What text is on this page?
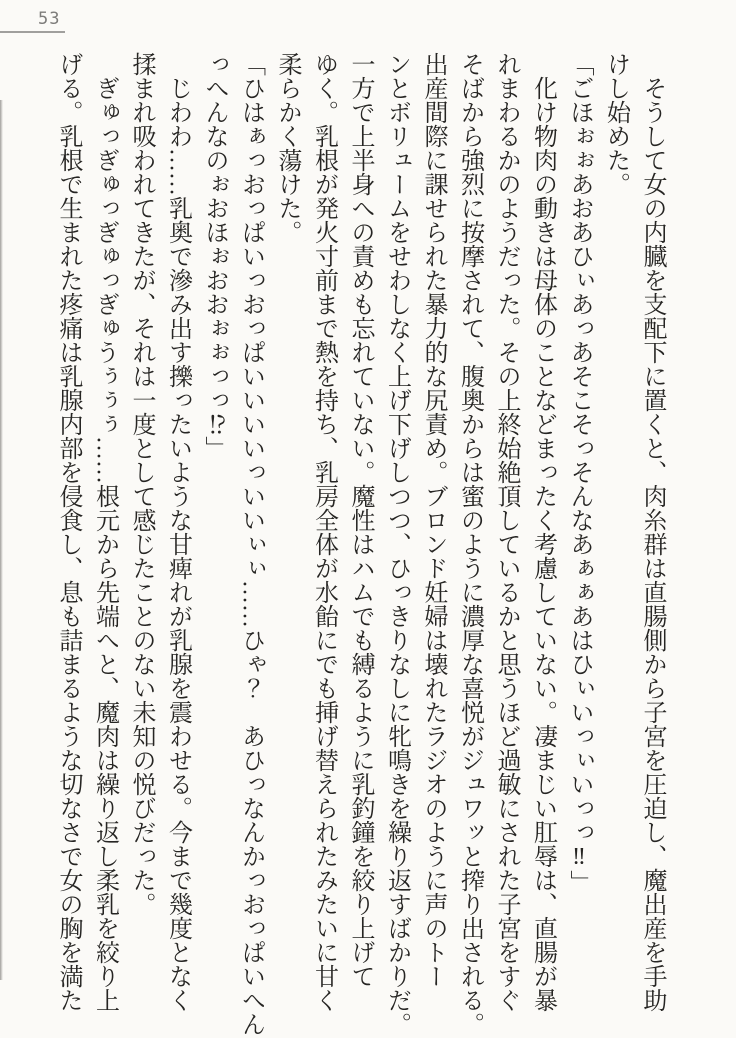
53
　そうして女の内臓を支配下に置くと、肉糸群は直腸側から子宮を圧迫し、魔出産を手助
けし始めた。
「ごほぉぉあおあひぃあっあそこそっそんなあぁぁあはひぃいっぃいっっ‼」
　化け物肉の動きは母体のことなどまったく考慮していない。凄まじい肛辱は、直腸が暴
れまわるかのようだった。その上終始絶頂しているかと思うほど過敏にされた子宮をすぐ
そばから強烈に按摩されて、腹奥からは蜜のように濃厚な喜悦がジュワッと搾り出される。
出産間際に課せられた暴力的な尻責め。ブロンド妊婦は壊れたラジオのように声のトー
ンとボリュームをせわしなく上げ下げしつつ、ひっきりなしに牝鳴きを繰り返すばかりだ。
一方で上半身への責めも忘れていない。魔性はハムでも縛るように乳釣鐘を絞り上げて
ゆく。乳根が発火寸前まで熱を持ち、乳房全体が水飴にでも挿げ替えられたみたいに甘く
柔らかく蕩けた。
「ひはぁっおっぱいっおっぱいいいいっいいぃぃ……ひゃ？　あひっなんかっおっぱいへん
っへんなのぉおほぉおおぉぉっっ⁉」
　じわわ……乳奥で滲み出す擽ったいような甘痺れが乳腺を震わせる。今まで幾度となく
揉まれ吸われてきたが、それは一度として感じたことのない未知の悦びだった。
　ぎゅっぎゅっぎゅっぎゅうぅぅぅ……根元から先端へと、魔肉は繰り返し柔乳を絞り上
げる。乳根で生まれた疼痛は乳腺内部を侵食し、息も詰まるような切なさで女の胸を満た
